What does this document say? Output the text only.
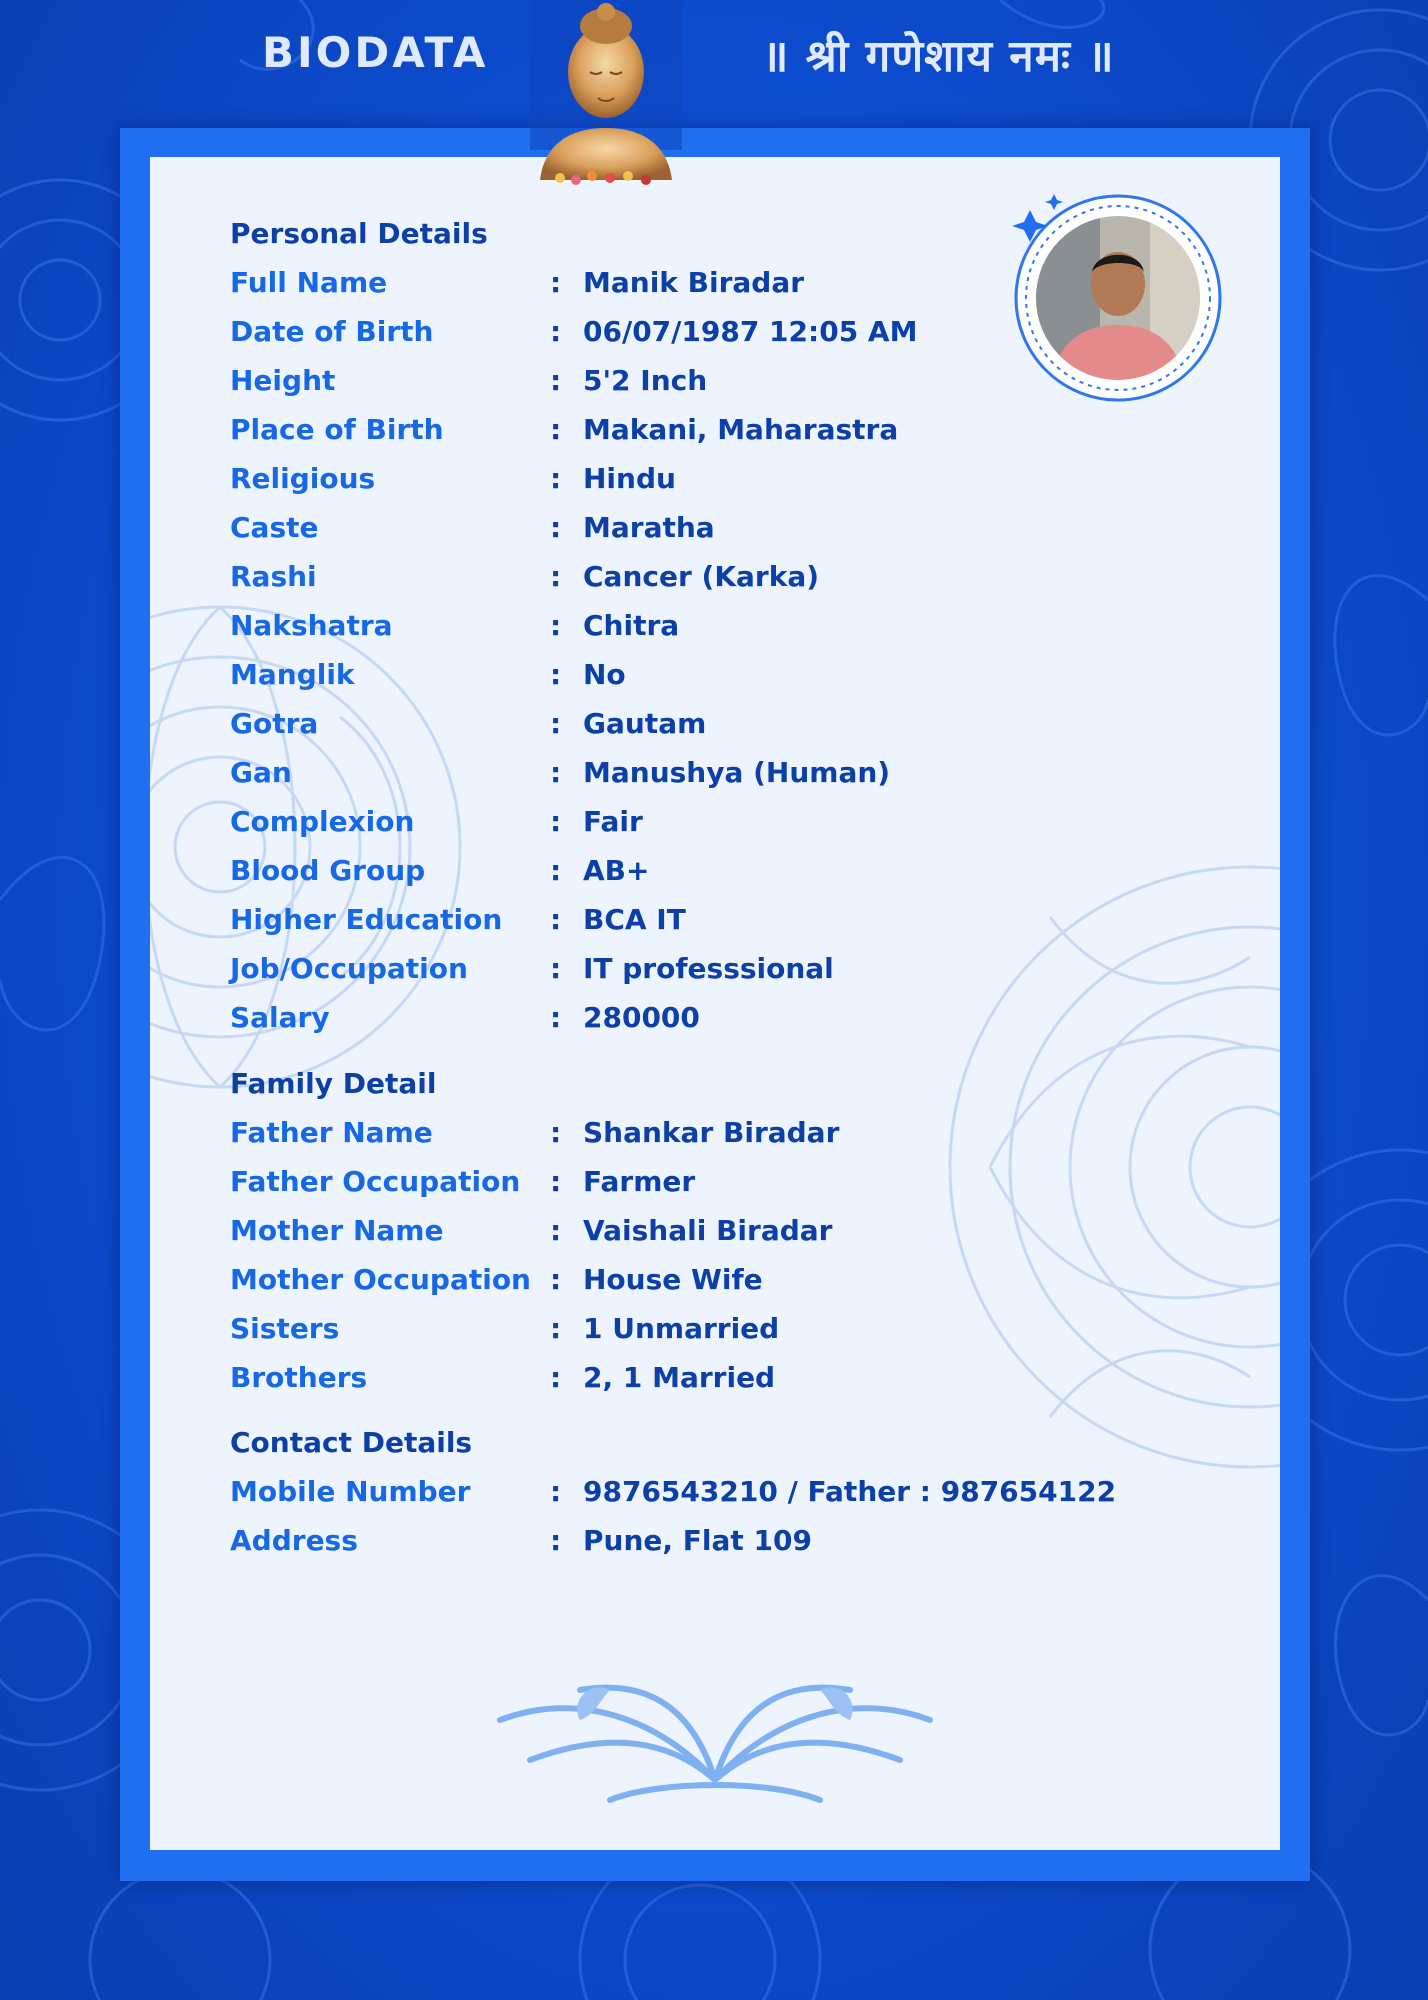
BIODATA	॥ श्री गणेशाय नमः ॥
Personal Details
Full Name	: Manik Biradar
Date of Birth	: 06/07/1987 12:05 AM
Height	: 5'2 Inch
Place of Birth	: Makani, Maharastra
Religious	: Hindu
Caste	: Maratha
Rashi	: Cancer (Karka)
Nakshatra	: Chitra
Manglik	: No
Gotra	: Gautam
Gan	: Manushya (Human)
Complexion	: Fair
Blood Group	: AB+
Higher Education : BCA IT
Job/Occupation	: IT professsional
Salary	: 280000
Family Detail
Father Name	: Shankar Biradar
Father Occupation : Farmer
Mother Name	: Vaishali Biradar
Mother Occupation : House Wife
Sisters	: 1 Unmarried
Brothers	: 2, 1 Married
Contact Details
Mobile Number	: 9876543210 / Father : 987654122
Address	: Pune, Flat 109
